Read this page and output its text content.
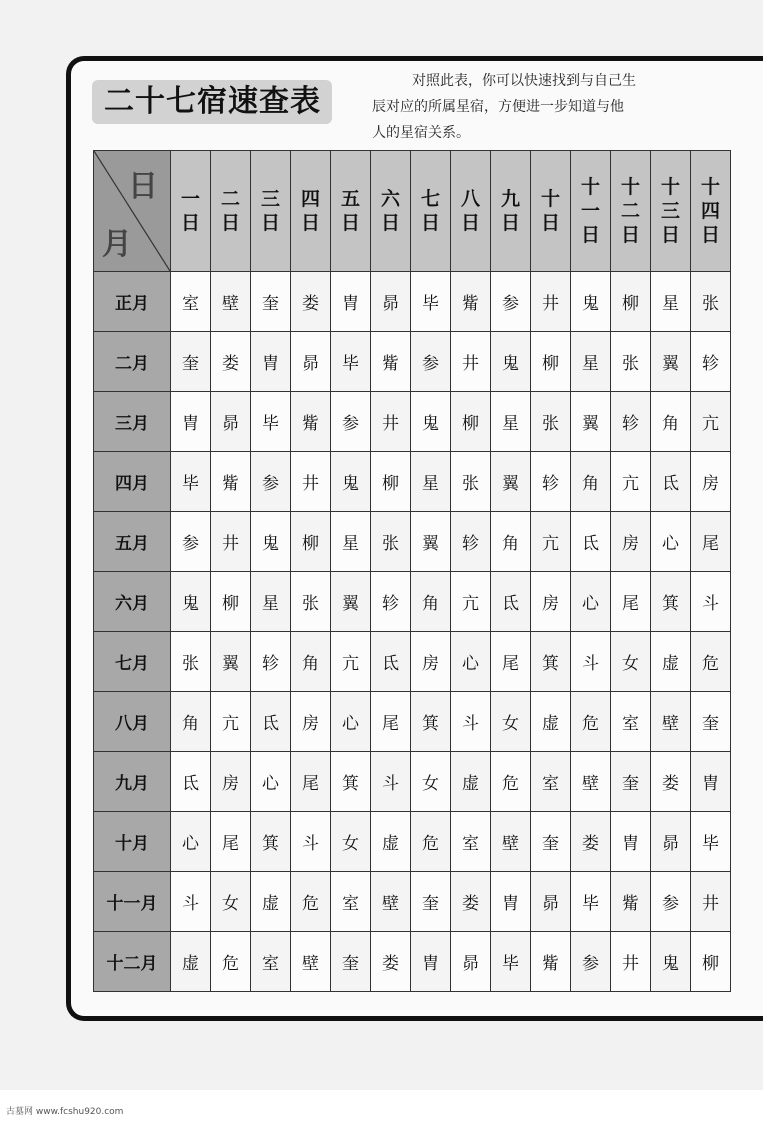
二十七宿速查表
对照此表，你可以快速找到与自己生
辰对应的所属星宿，方便进一步知道与他
人的星宿关系。
日
月	一日	二日	三日	四日	五日	六日	七日	八日	九日	十日	十一日	十二日	十三日	十四日
正月	室	壁	奎	娄	胄	昴	毕	觜	参	井	鬼	柳	星	张
二月	奎	娄	胄	昴	毕	觜	参	井	鬼	柳	星	张	翼	轸
三月	胄	昴	毕	觜	参	井	鬼	柳	星	张	翼	轸	角	亢
四月	毕	觜	参	井	鬼	柳	星	张	翼	轸	角	亢	氐	房
五月	参	井	鬼	柳	星	张	翼	轸	角	亢	氐	房	心	尾
六月	鬼	柳	星	张	翼	轸	角	亢	氐	房	心	尾	箕	斗
七月	张	翼	轸	角	亢	氐	房	心	尾	箕	斗	女	虚	危
八月	角	亢	氐	房	心	尾	箕	斗	女	虚	危	室	壁	奎
九月	氐	房	心	尾	箕	斗	女	虚	危	室	壁	奎	娄	胄
十月	心	尾	箕	斗	女	虚	危	室	壁	奎	娄	胄	昴	毕
十一月	斗	女	虚	危	室	壁	奎	娄	胄	昴	毕	觜	参	井
十二月	虚	危	室	壁	奎	娄	胄	昴	毕	觜	参	井	鬼	柳
古墓网 www.fcshu920.com
